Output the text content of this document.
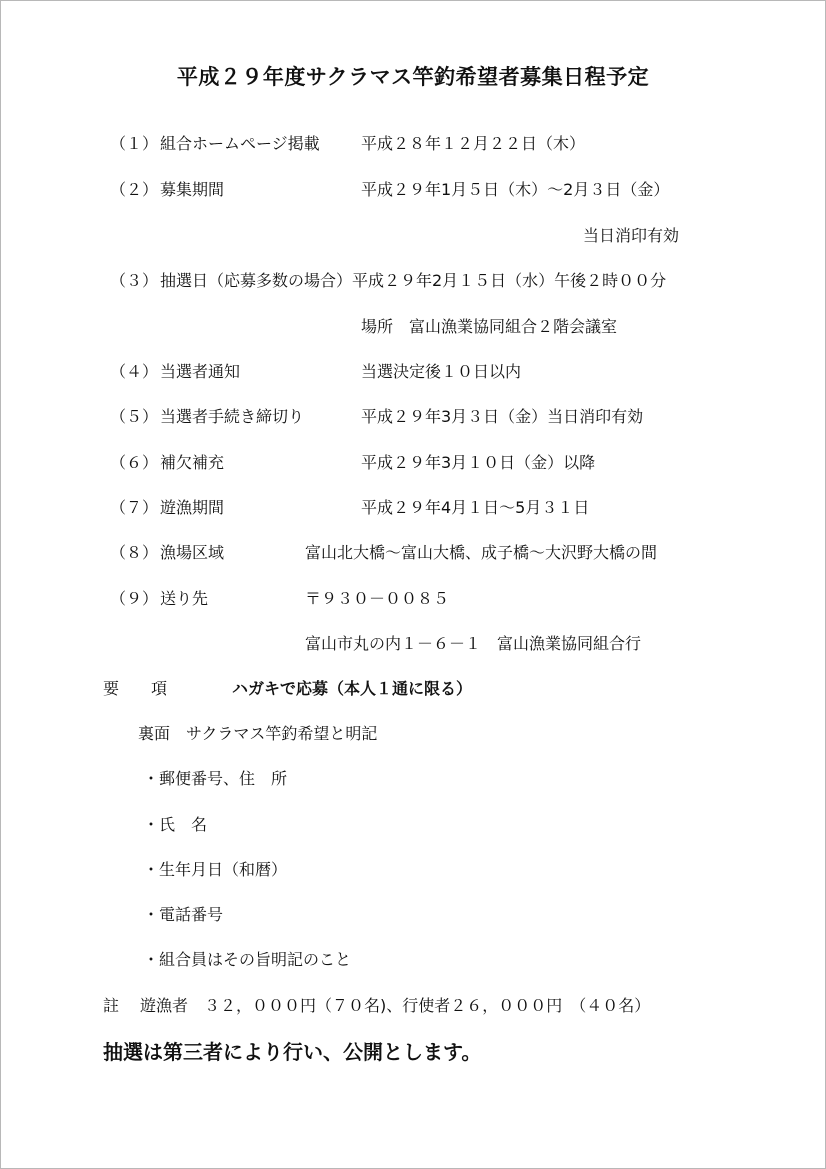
平成２９年度サクラマス竿釣希望者募集日程予定
（１） 組合ホームページ掲載	平成２８年１２月２２日（木）
（２） 募集期間	平成２９年1月５日（木）～2月３日（金）
当日消印有効
（３） 抽選日（応募多数の場合）平成２９年2月１５日（水）午後２時００分
場所　富山漁業協同組合２階会議室
（４） 当選者通知	当選決定後１０日以内
（５） 当選者手続き締切り	平成２９年3月３日（金）当日消印有効
（６） 補欠補充	平成２９年3月１０日（金）以降
（７） 遊漁期間	平成２９年4月１日～5月３１日
（８） 漁場区域	富山北大橋～富山大橋、成子橋～大沢野大橋の間
（９） 送り先	〒９３０－００８５
富山市丸の内１－６－１　富山漁業協同組合行
要　　項	ハガキで応募（本人１通に限る）
裏面　サクラマス竿釣希望と明記
・郵便番号、住　所
・氏　名
・生年月日（和暦）
・電話番号
・組合員はその旨明記のこと
註 遊漁者　３２，０００円（７０名)、行使者２６，０００円　（４０名）
抽選は第三者により行い、公開とします。
